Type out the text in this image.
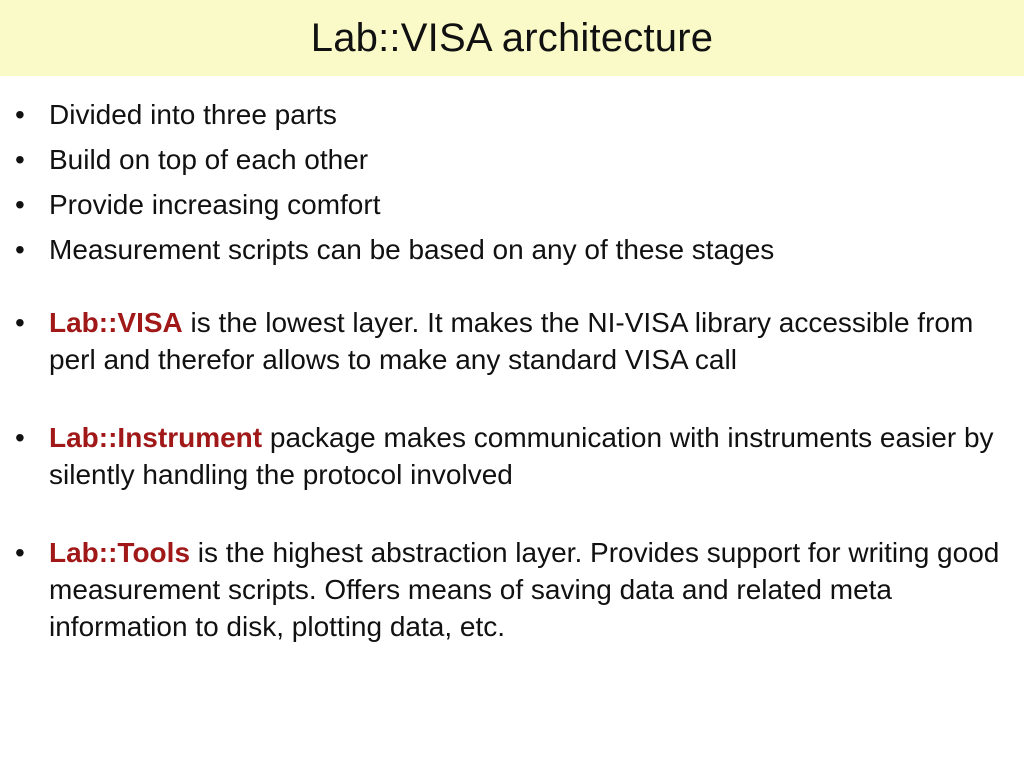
Lab::VISA architecture
• Divided into three parts
• Build on top of each other
• Provide increasing comfort
• Measurement scripts can be based on any of these stages
• Lab::VISA is the lowest layer. It makes the NI-VISA library accessible from perl and therefor allows to make any standard VISA call
• Lab::Instrument package makes communication with instruments easier by silently handling the protocol involved
• Lab::Tools is the highest abstraction layer. Provides support for writing good measurement scripts. Offers means of saving data and related meta information to disk, plotting data, etc.
